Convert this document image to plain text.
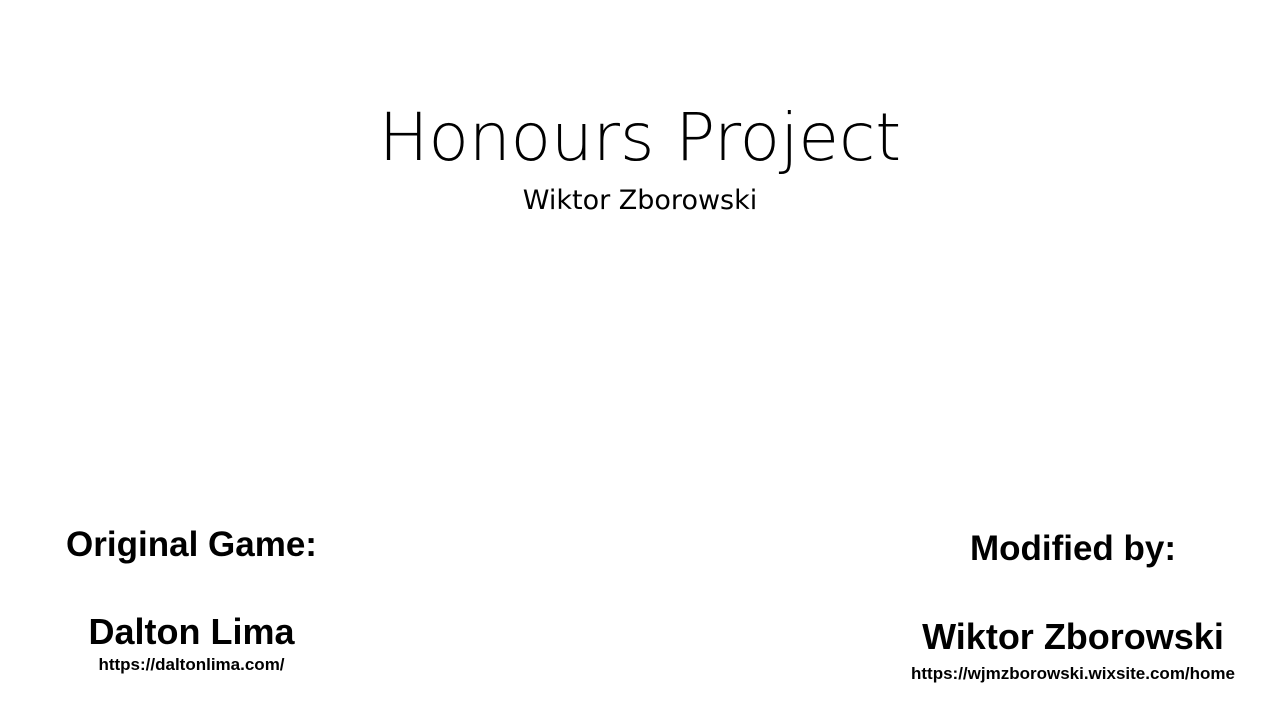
Honours Project

Wiktor Zborowski

Original Game:

Dalton Lima

https://daltonlima.com/

Modified by:

Wiktor Zborowski

https://wjmzborowski.wixsite.com/home
